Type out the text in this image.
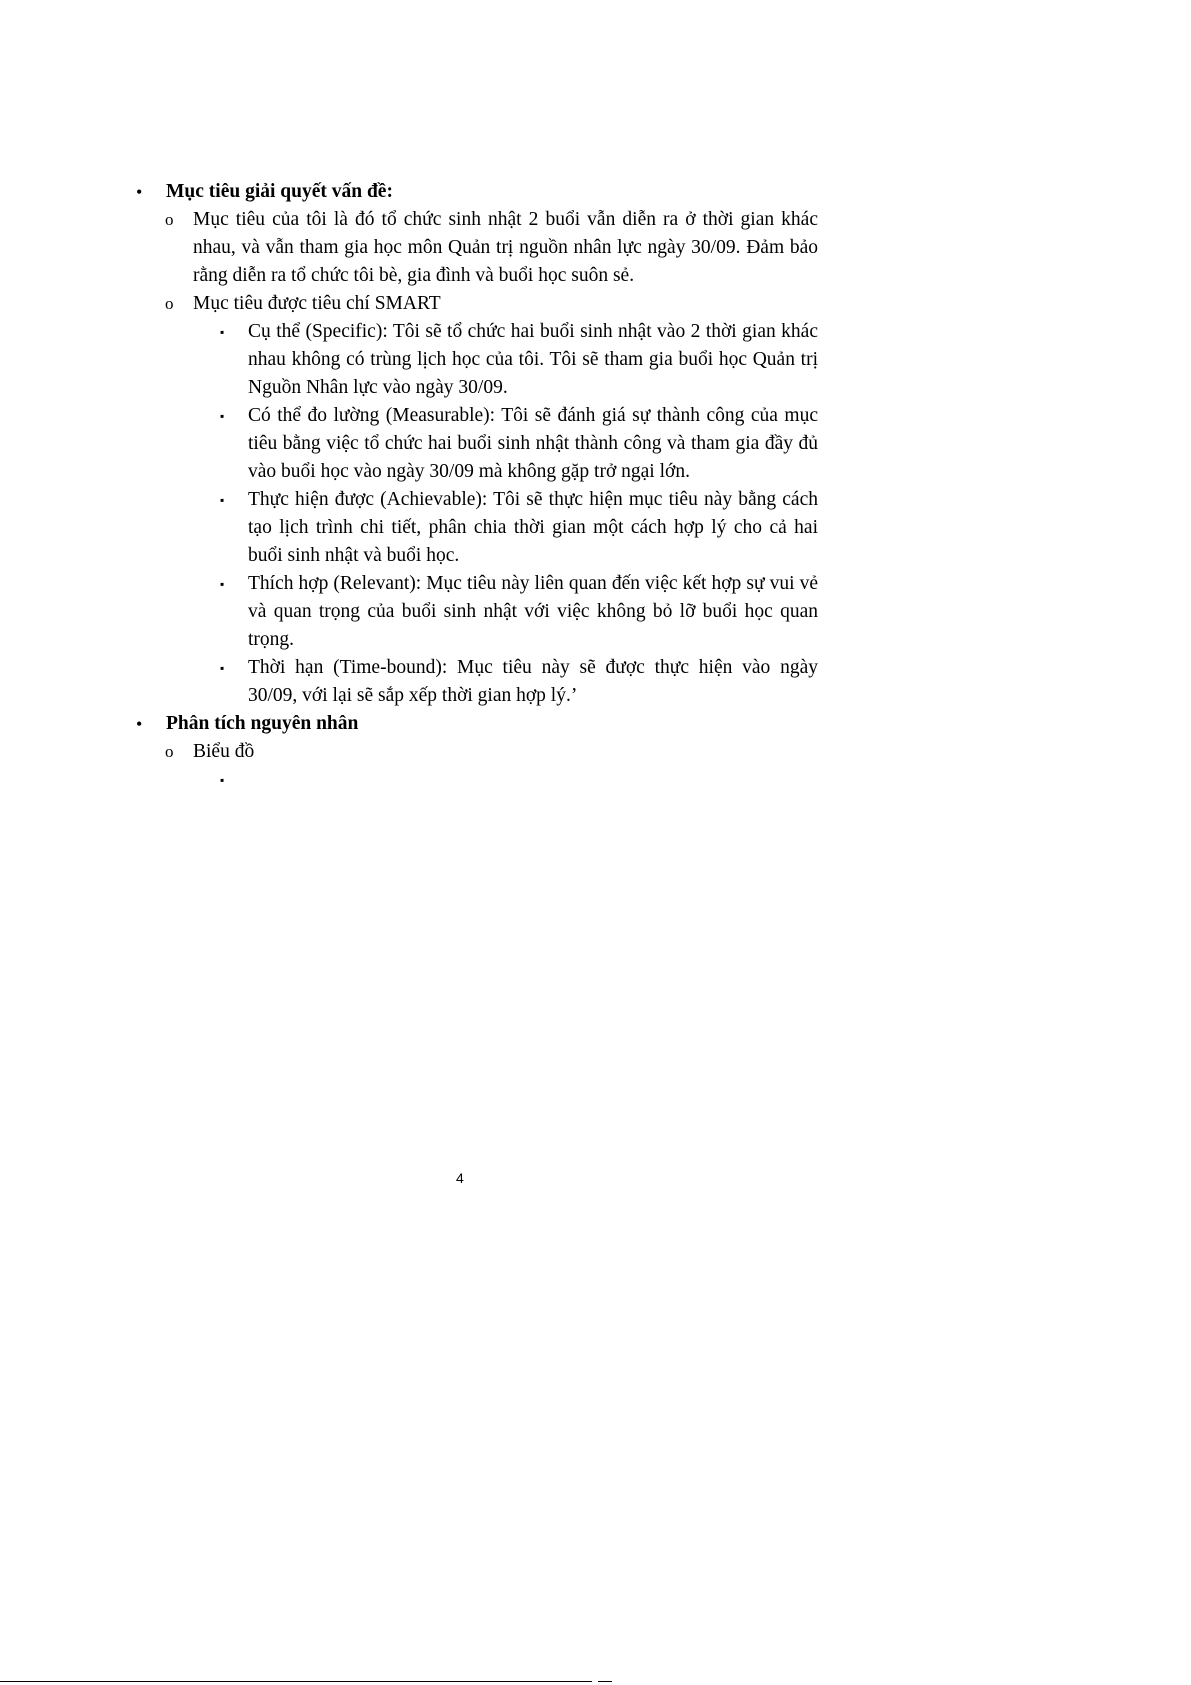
• Mục tiêu giải quyết vấn đề:
o Mục tiêu của tôi là đó tổ chức sinh nhật 2 buổi vẫn diễn ra ở thời gian khác nhau, và vẫn tham gia học môn Quản trị nguồn nhân lực ngày 30/09. Đảm bảo rằng diễn ra tổ chức tôi bè, gia đình và buổi học suôn sẻ.
o Mục tiêu được tiêu chí SMART
▪ Cụ thể (Specific): Tôi sẽ tổ chức hai buổi sinh nhật vào 2 thời gian khác nhau không có trùng lịch học của tôi. Tôi sẽ tham gia buổi học Quản trị Nguồn Nhân lực vào ngày 30/09.
▪ Có thể đo lường (Measurable): Tôi sẽ đánh giá sự thành công của mục tiêu bằng việc tổ chức hai buổi sinh nhật thành công và tham gia đầy đủ vào buổi học vào ngày 30/09 mà không gặp trở ngại lớn.
▪ Thực hiện được (Achievable): Tôi sẽ thực hiện mục tiêu này bằng cách tạo lịch trình chi tiết, phân chia thời gian một cách hợp lý cho cả hai buổi sinh nhật và buổi học.
▪ Thích hợp (Relevant): Mục tiêu này liên quan đến việc kết hợp sự vui vẻ và quan trọng của buổi sinh nhật với việc không bỏ lỡ buổi học quan trọng.
▪ Thời hạn (Time-bound): Mục tiêu này sẽ được thực hiện vào ngày 30/09, với lại sẽ sắp xếp thời gian hợp lý.’
• Phân tích nguyên nhân
o Biểu đồ
▪

4
